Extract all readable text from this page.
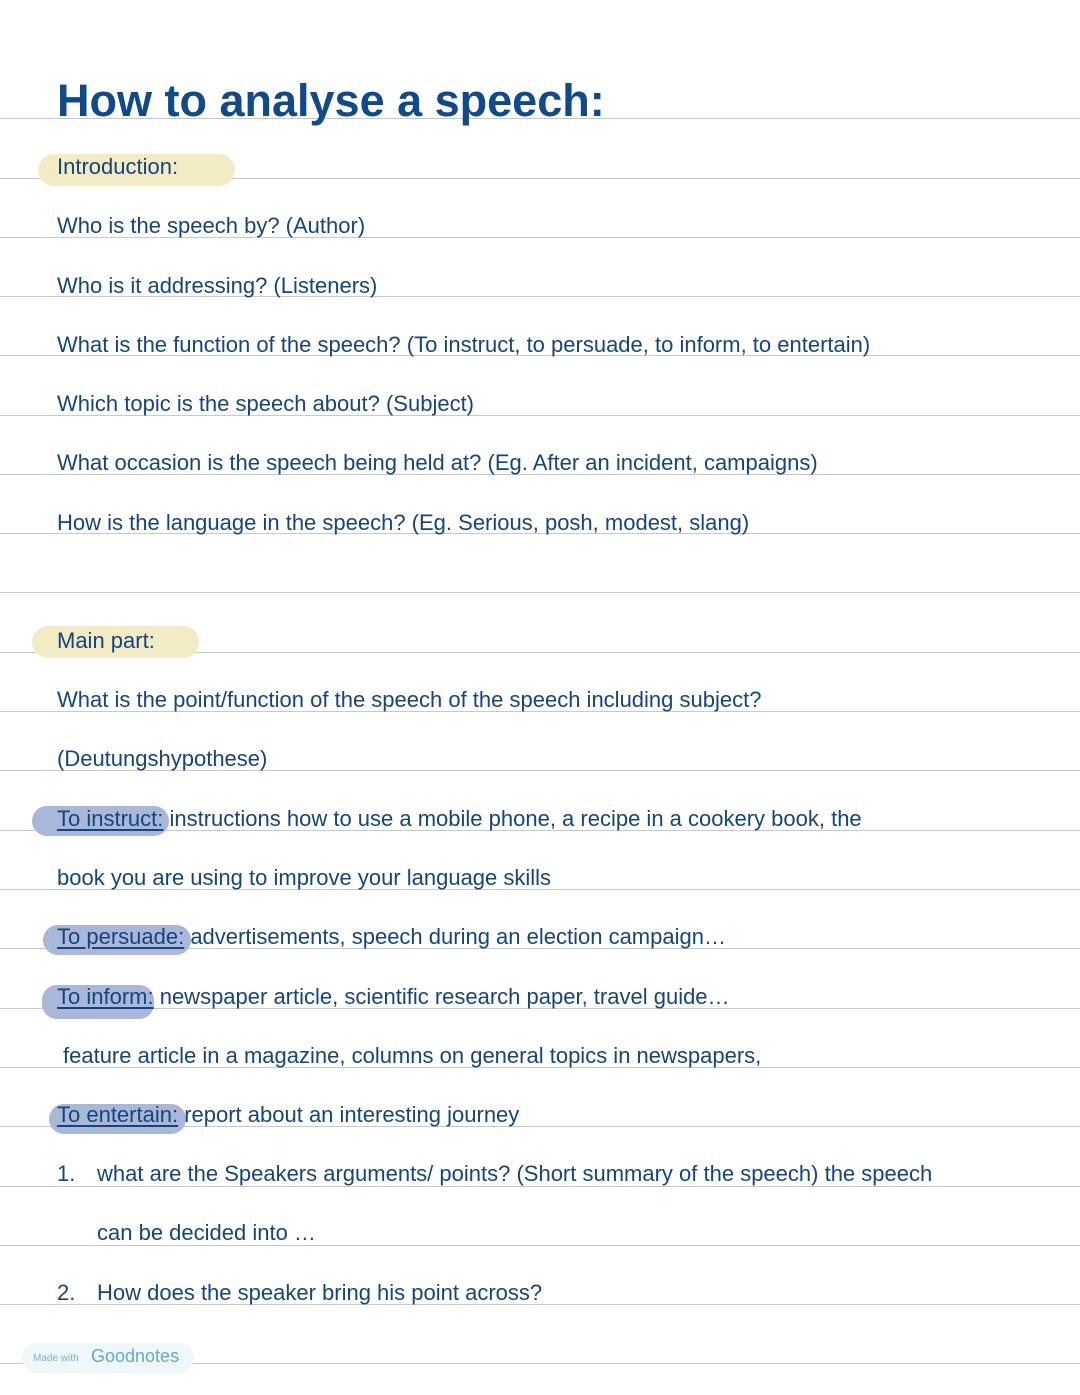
How to analyse a speech:
Introduction:
Who is the speech by? (Author)
Who is it addressing? (Listeners)
What is the function of the speech? (To instruct, to persuade, to inform, to entertain)
Which topic is the speech about? (Subject)
What occasion is the speech being held at? (Eg. After an incident, campaigns)
How is the language in the speech? (Eg. Serious, posh, modest, slang)
Main part:
What is the point/function of the speech of the speech including subject?
(Deutungshypothese)
To instruct: instructions how to use a mobile phone, a recipe in a cookery book, the
book you are using to improve your language skills
To persuade: advertisements, speech during an election campaign…
To inform: newspaper article, scientific research paper, travel guide…
feature article in a magazine, columns on general topics in newspapers,
To entertain: report about an interesting journey
1. what are the Speakers arguments/ points? (Short summary of the speech) the speech
can be decided into …
2. How does the speaker bring his point across?
Made with Goodnotes
